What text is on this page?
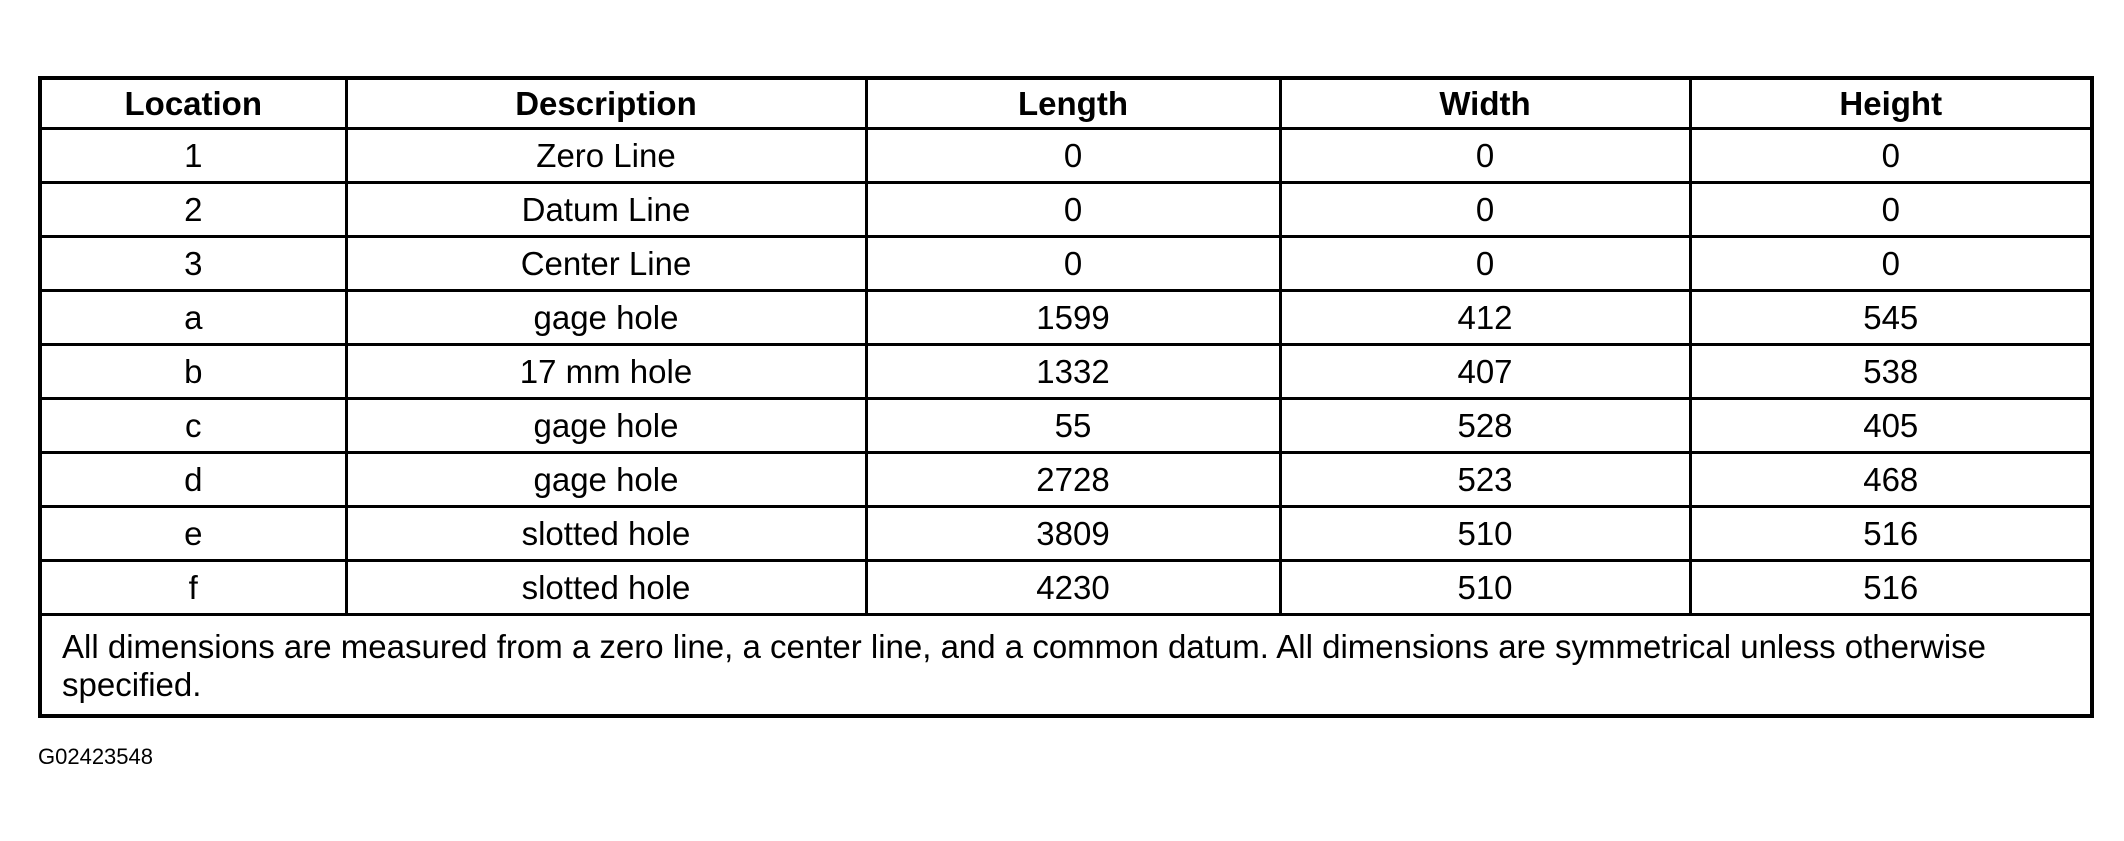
Location	Description	Length	Width	Height
1	Zero Line	0	0	0
2	Datum Line	0	0	0
3	Center Line	0	0	0
a	gage hole	1599	412	545
b	17 mm hole	1332	407	538
c	gage hole	55	528	405
d	gage hole	2728	523	468
e	slotted hole	3809	510	516
f	slotted hole	4230	510	516
All dimensions are measured from a zero line, a center line, and a common datum. All dimensions are symmetrical unless otherwise specified.				
G02423548
